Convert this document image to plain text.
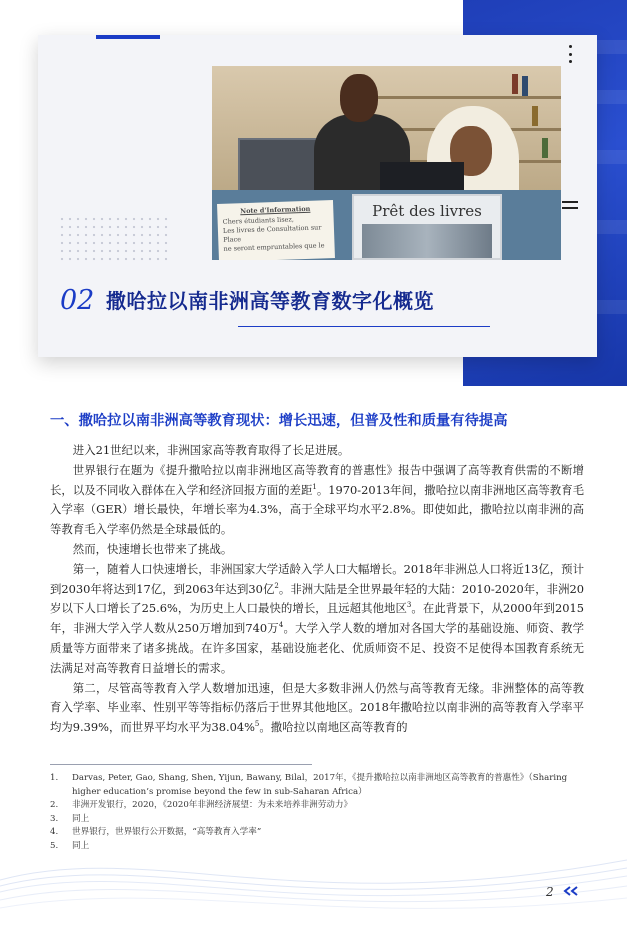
Note d'Information
Chers étudiants lisez,
Les livres de Consultation sur Place
ne seront empruntables que le
Prêt des livres
02 撒哈拉以南非洲高等教育数字化概览
一、撒哈拉以南非洲高等教育现状：增长迅速，但普及性和质量有待提高

进入21世纪以来，非洲国家高等教育取得了长足进展。

世界银行在题为《提升撒哈拉以南非洲地区高等教育的普惠性》报告中强调了高等教育供需的不断增长，以及不同收入群体在入学和经济回报方面的差距$^1$。1970-2013年间，撒哈拉以南非洲地区高等教育毛入学率（GER）增长最快，年增长率为4.3%，高于全球平均水平2.8%。即使如此，撒哈拉以南非洲的高等教育毛入学率仍然是全球最低的。

然而，快速增长也带来了挑战。

第一，随着人口快速增长，非洲国家大学适龄入学人口大幅增长。2018年非洲总人口将近13亿，预计到2030年将达到17亿，到2063年达到30亿$^2$。非洲大陆是全世界最年轻的大陆：2010-2020年，非洲20岁以下人口增长了25.6%，为历史上人口最快的增长，且远超其他地区$^3$。在此背景下，从2000年到2015年，非洲大学入学人数从250万增加到740万$^4$。大学入学人数的增加对各国大学的基础设施、师资、教学质量等方面带来了诸多挑战。在许多国家，基础设施老化、优质师资不足、投资不足使得本国教育系统无法满足对高等教育日益增长的需求。

第二，尽管高等教育入学人数增加迅速，但是大多数非洲人仍然与高等教育无缘。非洲整体的高等教育入学率、毕业率、性别平等等指标仍落后于世界其他地区。2018年撒哈拉以南非洲的高等教育入学率平均为9.39%，而世界平均水平为38.04%$^5$。撒哈拉以南地区高等教育的

1.	Darvas, Peter, Gao, Shang, Shen, Yijun, Bawany, Bilal，2017年，《提升撒哈拉以南非洲地区高等教育的普惠性》（Sharing higher education’s promise beyond the few in sub-Saharan Africa）
2.	非洲开发银行，2020，《2020年非洲经济展望：为未来培养非洲劳动力》
3.	同上
4.	世界银行，世界银行公开数据，“高等教育入学率”
5.	同上
2
